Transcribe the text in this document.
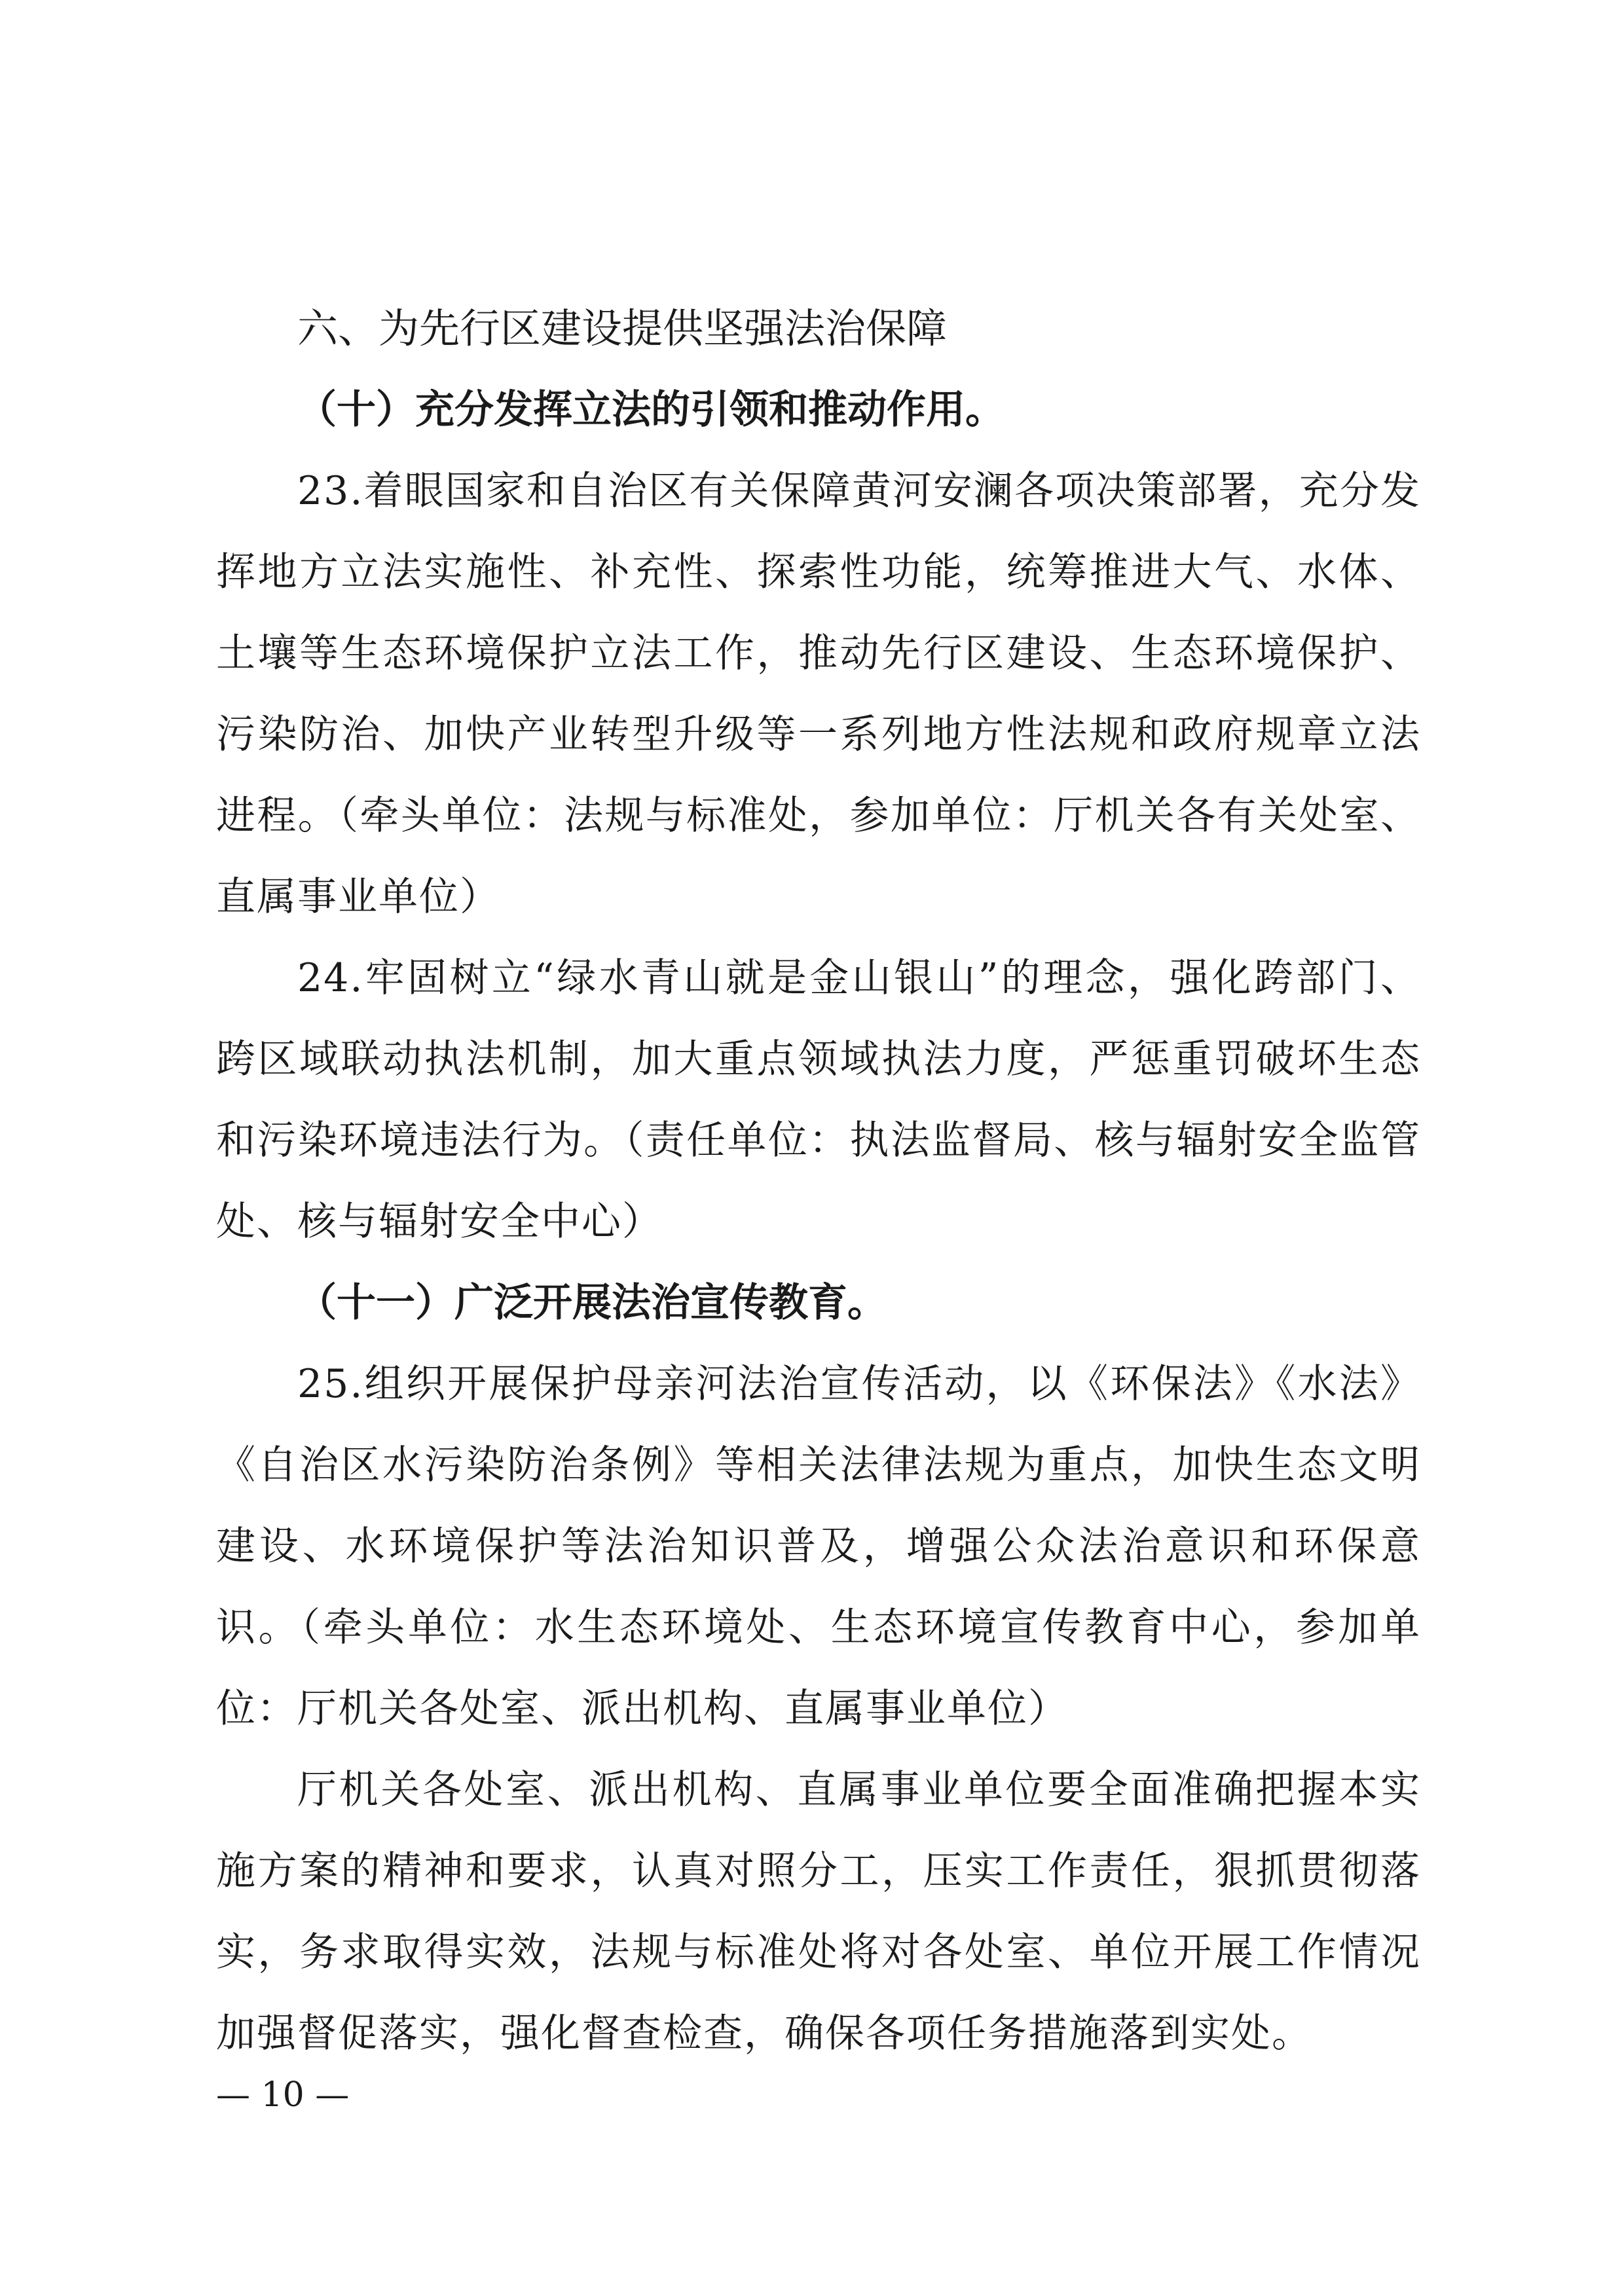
六、为先行区建设提供坚强法治保障

（十）充分发挥立法的引领和推动作用。

23.着眼国家和自治区有关保障黄河安澜各项决策部署，充分发挥地方立法实施性、补充性、探索性功能，统筹推进大气、水体、土壤等生态环境保护立法工作，推动先行区建设、生态环境保护、污染防治、加快产业转型升级等一系列地方性法规和政府规章立法进程。（牵头单位：法规与标准处，参加单位：厅机关各有关处室、直属事业单位）

24.牢固树立“绿水青山就是金山银山”的理念，强化跨部门、跨区域联动执法机制，加大重点领域执法力度，严惩重罚破坏生态和污染环境违法行为。（责任单位：执法监督局、核与辐射安全监管处、核与辐射安全中心）

（十一）广泛开展法治宣传教育。

25.组织开展保护母亲河法治宣传活动，以《环保法》《水法》《自治区水污染防治条例》等相关法律法规为重点，加快生态文明建设、水环境保护等法治知识普及，增强公众法治意识和环保意识。（牵头单位：水生态环境处、生态环境宣传教育中心，参加单位：厅机关各处室、派出机构、直属事业单位）

厅机关各处室、派出机构、直属事业单位要全面准确把握本实施方案的精神和要求，认真对照分工，压实工作责任，狠抓贯彻落实，务求取得实效，法规与标准处将对各处室、单位开展工作情况加强督促落实，强化督查检查，确保各项任务措施落到实处。

— 10 —
